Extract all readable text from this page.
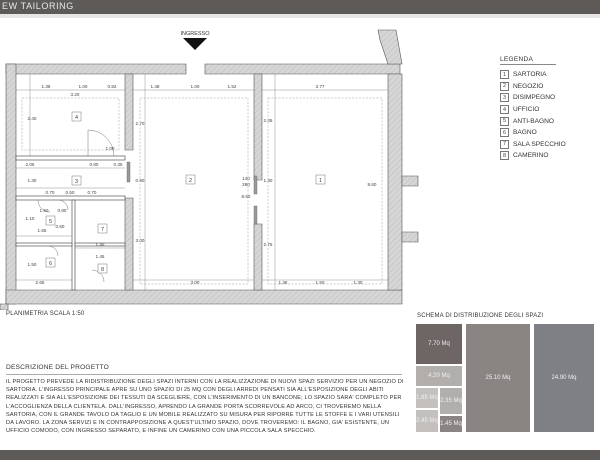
EW TAILORING
INGRESSO
1.38	1.00	0.82
3.20
1.48	1.00	1.52	3.77
2.40
2.70
2.45
1.00
2.05	0.80	0.35
1.30
0.70 0.50	0.70
0.90	140
280
1.40
8.60
8.60
1.10
1.50 0.80
1.65
0.60
1.45
1.45
3.00
2.75
1.50
2.65	3.00	1.36	1.50	1.30
1
2
3
4
5
6
7
8
PLANIMETRIA SCALA 1:50
LEGENDA
1	SARTORIA
2	NEGOZIO
3	DISIMPEGNO
4	UFFICIO
5	ANTI-BAGNO
6	BAGNO
7	SALA SPECCHIO
8	CAMERINO
SCHEMA DI DISTRIBUZIONE DEGLI SPAZI
7.70 Mq
4.20 Mq
1.85 Mq 2.35 Mq
2.45 Mq 1.45 Mq
25.10 Mq	24.90 Mq
DESCRIZIONE DEL PROGETTO
IL PROGETTO PREVEDE LA RIDISTRIBUZIONE DEGLI SPAZI INTERNI CON LA REALIZZAZIONE DI NUOVI SPAZI SERVIZIO PER UN NEGOZIO DI SARTORIA. L'INGRESSO PRINCIPALE APRE SU UNO SPAZIO DI 25 MQ CON DEGLI ARREDI PENSATI SIA ALL'ESPOSIZIONE DEGLI ABITI REALIZZATI E SIA ALL'ESPOSIZIONE DEI TESSUTI DA SCEGLIERE, CON L'INSERIMENTO DI UN BANCONE; LO SPAZIO SARA' COMPLETO PER L'ACCOGLIENZA DELLA CLIENTELA. DALL'INGRESSO, APRENDO LA GRANDE PORTA SCORREVOLE AD ARCO, CI TROVEREMO NELLA SARTORIA, CON IL GRANDE TAVOLO DA TAGLIO E UN MOBILE REALIZZATO SU MISURA PER RIPORRE TUTTE LE STOFFE E I VARI UTENSILI DA LAVORO. LA ZONA SERVIZI E IN CONTRAPPOSIZIONE A QUEST'ULTIMO SPAZIO, DOVE TROVEREMO: IL BAGNO, GIA' ESISTENTE, UN UFFICIO COMODO, CON INGRESSO SEPARATO, E INFINE UN CAMERINO CON UNA PICCOLA SALA SPECCHIO.
